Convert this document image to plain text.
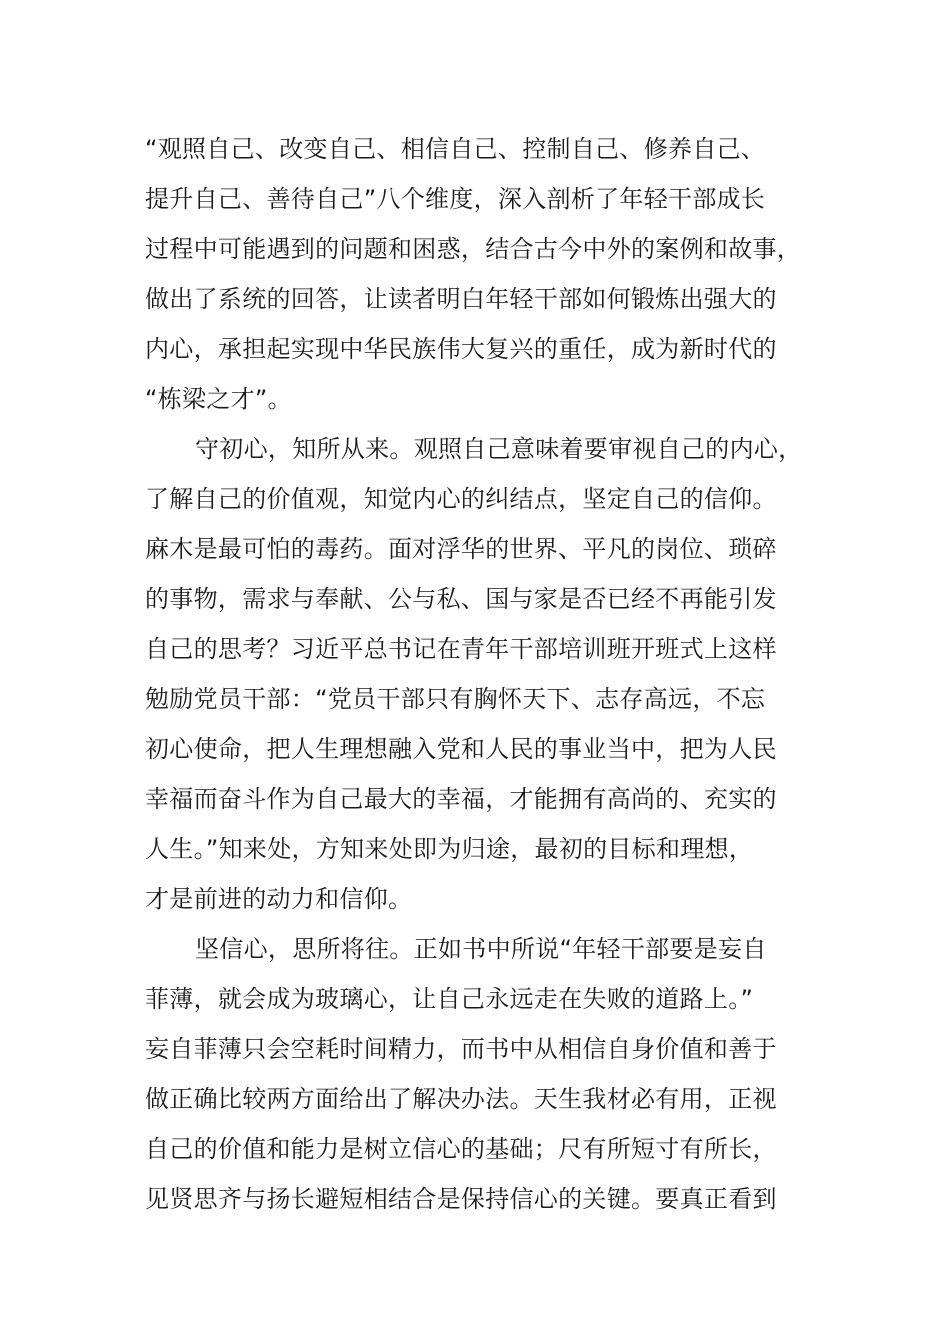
“观照自己、改变自己、相信自己、控制自己、修养自己、
提升自己、善待自己”八个维度，深入剖析了年轻干部成长
过程中可能遇到的问题和困惑，结合古今中外的案例和故事，
做出了系统的回答，让读者明白年轻干部如何锻炼出强大的
内心，承担起实现中华民族伟大复兴的重任，成为新时代的
“栋梁之才”。
守初心，知所从来。观照自己意味着要审视自己的内心，
了解自己的价值观，知觉内心的纠结点，坚定自己的信仰。
麻木是最可怕的毒药。面对浮华的世界、平凡的岗位、琐碎
的事物，需求与奉献、公与私、国与家是否已经不再能引发
自己的思考？习近平总书记在青年干部培训班开班式上这样
勉励党员干部：“党员干部只有胸怀天下、志存高远，不忘
初心使命，把人生理想融入党和人民的事业当中，把为人民
幸福而奋斗作为自己最大的幸福，才能拥有高尚的、充实的
人生。”知来处，方知来处即为归途，最初的目标和理想，
才是前进的动力和信仰。
坚信心，思所将往。正如书中所说“年轻干部要是妄自
菲薄，就会成为玻璃心，让自己永远走在失败的道路上。”
妄自菲薄只会空耗时间精力，而书中从相信自身价值和善于
做正确比较两方面给出了解决办法。天生我材必有用，正视
自己的价值和能力是树立信心的基础；尺有所短寸有所长，
见贤思齐与扬长避短相结合是保持信心的关键。要真正看到
